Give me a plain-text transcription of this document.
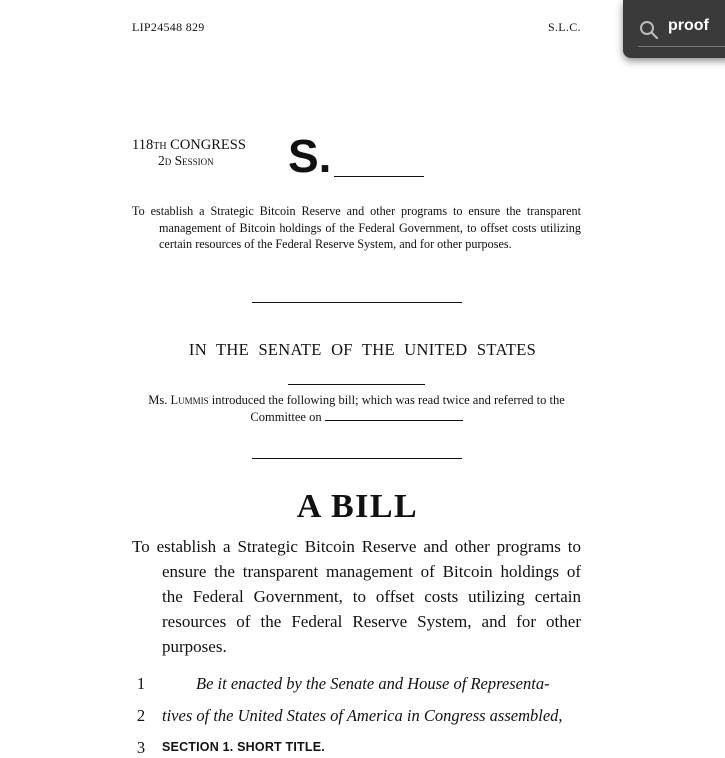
LIP24548 829	S.L.C.
118th CONGRESS
2d Session	S.
To establish a Strategic Bitcoin Reserve and other programs to ensure the transparent management of Bitcoin holdings of the Federal Government, to offset costs utilizing certain resources of the Federal Reserve System, and for other purposes.
IN THE SENATE OF THE UNITED STATES
Ms. Lummis introduced the following bill; which was read twice and referred to the Committee on
A BILL
To establish a Strategic Bitcoin Reserve and other programs to ensure the transparent management of Bitcoin holdings of the Federal Government, to offset costs utilizing certain resources of the Federal Reserve System, and for other purposes.
1	Be it enacted by the Senate and House of Representa-
2 tives of the United States of America in Congress assembled,
3	SECTION 1. SHORT TITLE.
proof
